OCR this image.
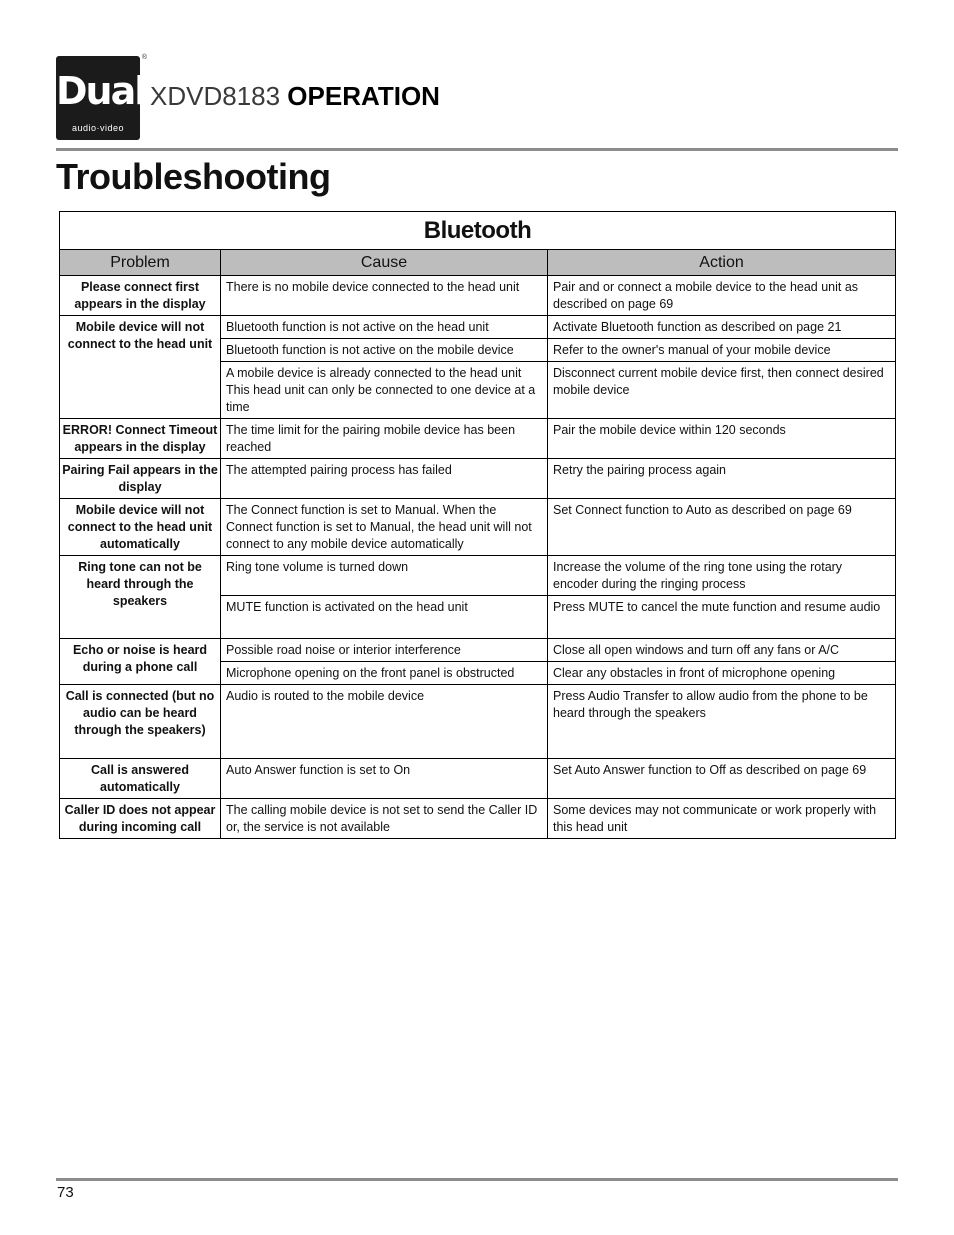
Dual
audio·video
®
XDVD8183 OPERATION
Troubleshooting
Bluetooth		
Problem	Cause	Action
Please connect first appears in the display	There is no mobile device connected to the head unit	Pair and or connect a mobile device to the head unit as described on page 69
Mobile device will not connect to the head unit	Bluetooth function is not active on the head unit	Activate Bluetooth function as described on page 21
	Bluetooth function is not active on the mobile device	Refer to the owner's manual of your mobile device
	A mobile device is already connected to the head unit This head unit can only be connected to one device at a time	Disconnect current mobile device first, then connect desired mobile device
ERROR! Connect Timeout appears in the display	The time limit for the pairing mobile device has been reached	Pair the mobile device within 120 seconds
Pairing Fail appears in the display	The attempted pairing process has failed	Retry the pairing process again
Mobile device will not connect to the head unit automatically	The Connect function is set to Manual. When the Connect function is set to Manual, the head unit will not connect to any mobile device automatically	Set Connect function to Auto as described on page 69
Ring tone can not be heard through the speakers	Ring tone volume is turned down	Increase the volume of the ring tone using the rotary encoder during the ringing process
	MUTE function is activated on the head unit	Press MUTE to cancel the mute function and resume audio
Echo or noise is heard during a phone call	Possible road noise or interior interference	Close all open windows and turn off any fans or A/C
	Microphone opening on the front panel is obstructed	Clear any obstacles in front of microphone opening
Call is connected (but no audio can be heard through the speakers)	Audio is routed to the mobile device	Press Audio Transfer to allow audio from the phone to be heard through the speakers
Call is answered automatically	Auto Answer function is set to On	Set Auto Answer function to Off as described on page 69
Caller ID does not appear during incoming call	The calling mobile device is not set to send the Caller ID or, the service is not available	Some devices may not communicate or work properly with this head unit
73
